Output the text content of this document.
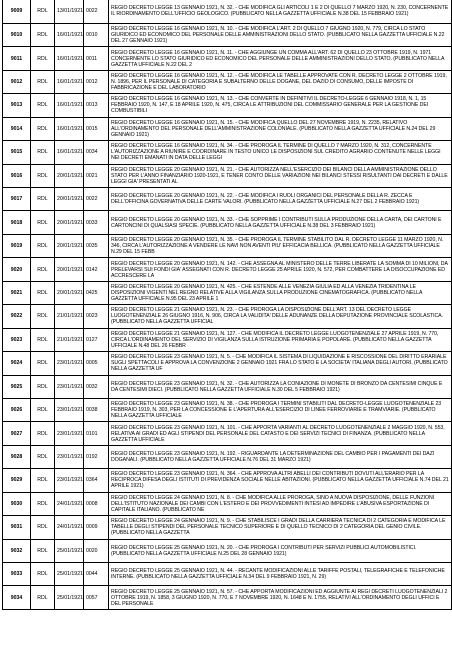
9009	RDL	13/01/1921	0022	REGIO DECRETO LEGGE 13 GENNAIO 1921, N. 32. - CHE MODIFICA GLI ARTICOLI 1 E 2 DI QUELLO 7 MARZO 1920, N. 230, CONCERNENTE IL RIORDINAMENTO DELL'UFFICIO GEOLOGICO. (PUBBLICATO NELLA GAZZETTA UFFICIALE N.38 DEL 15 FEBBRAIO 1921)
9010	RDL	16/01/1921	0010	REGIO DECRETO LEGGE 16 GENNAIO 1921, N. 10. - CHE MODIFICA L'ART. 2 DI QUELLO 7 GIUGNO 1920, N. 779, CIRCA LO STATO GIURIDICO ED ECONOMICO DEL PERSONALE DELLE AMMINISTRAZIONI DELLO STATO. (PUBBLICATO NELLA GAZZETTA UFFICIALE N.22 DEL 27 GENNAIO 1921)
9011	RDL	16/01/1921	0011	REGIO DECRETO LEGGE 16 GENNAIO 1921, N. 11. - CHE AGGIUNGE UN COMMA ALL'ART. 62 DI QUELLO 23 OTTOBRE 1919, N. 1971 CONCERNENTE LO STATO GIURIDICO ED ECONOMICO DEL PERSONALE DELLE AMMINISTRAZIONI DELLO STATO. (PUBBLICATO NELLA GAZZETTA UFFICIALE N.22 DEL 2
9012	RDL	16/01/1921	0012	REGIO DECRETO LEGGE 16 GENNAIO 1921, N. 12. - CHE MODIFICA LE TABELLE APPROVATE CON R. DECRETO LEGGE 2 OTTOBRE 1919, N. 1896, PER IL PERSONALE DI CATEGORIA E SUBALTERNO DELLE DOGANE, DEL DAZIO DI CONSUMO, DELLE IMPOSTE DI FABBRICAZIONE E DEL LABORATORIO
9013	RDL	16/01/1921	0013	REGIO DECRETO LEGGE 16 GENNAIO 1921, N. 13. - CHE CONVERTE IN DEFINITIVI IL DECRETO-LEGGE 6 GENNAIO 1918, N. 1, 15 FEBBRAIO 1920, N. 147, E 18 APRILE 1920, N. 475, CIRCA LE ATTRIBUZIONI DEL COMMISSARIO GENERALE PER LA GESTIONE DEI COMBUSTIBILI
9014	RDL	16/01/1921	0015	REGIO DECRETO LEGGE 16 GENNAIO 1921, N. 15. - CHE MODIFICA QUELLO DEL 27 NOVEMBRE 1919, N. 2235, RELATIVO ALL'ORDINAMENTO DEL PERSONALE DELL'AMMINISTRAZIONE COLONIALE. (PUBBLICATO NELLA GAZZETTA UFFICIALE N.24 DEL 29 GENNAIO 1921)
9015	RDL	16/01/1921	0034	REGIO DECRETO LEGGE 16 GENNAIO 1921, N. 34. - CHE PROROGA IL TERMINE DI QUELLO 7 MARZO 1920, N. 312, CONCERNENTE L'AUTORIZZAZIONE A RIUNIRE E COORDINARE IN TESTO UNICO LE DISPOSIZIONI SUL CREDITO AGRARIO CONTENUTE NELLE LEGGI NEI DECRETI EMANATI IN DATA DELLE LEGGI
9016	RDL	20/01/1921	0021	REGIO DECRETO LEGGE 20 GENNAIO 1921, N. 21. - CHE AUTORIZZA NELL'ESERCIZIO DEI BILANCI DELLA AMMINISTRAZIONE DELLO STATO PER L'ANNO FINANZIARIO 1920-1921, E TENER CONTO DELLE VARIAZIONI NEI BILANCI STESSI RISULTANTI DAI DECRETI E DALLE LEGGI GIA' PRESENTATI AL
9017	RDL	20/01/1921	0022	REGIO DECRETO LEGGE 20 GENNAIO 1921, N. 22. - CHE MODIFICA I RUOLI ORGANICI DEL PERSONALE DELLA R. ZECCA E DELL'OFFICINA GOVERNATIVA DELLE CARTE VALORI. (PUBBLICATO NELLA GAZZETTA UFFICIALE N.27 DEL 2 FEBBRAIO 1921)
9018	RDL	20/01/1921	0033	REGIO DECRETO LEGGE 20 GENNAIO 1921, N. 33. - CHE SOPPRIME I CONTRIBUTI SULLA PRODUZIONE DELLA CARTA, DEI CARTONI E CARTONCINI DI QUALSIASI SPECIE. (PUBBLICATO NELLA GAZZETTA UFFICIALE N.38 DEL 3 FEBBRAIO 1921)
9019	RDL	20/01/1921	0035	REGIO DECRETO LEGGE 20 GENNAIO 1921, N. 35. - CHE PROROGA IL TERMINE STABILITO DAL R. DECRETO LEGGE 11 MARZO 1920, N. 346, CIRCA L'AUTORIZZAZIONE A VENDERE LE NAVI NON AVENTI PIU' EFFICACIA BELLICA. (PUBBLICATO NELLA GAZZETTA UFFICIALE N.29 DEL 15 FEBB
9020	RDL	20/01/1921	0142	REGIO DECRETO LEGGE 20 GENNAIO 1921, N. 142. - CHE ASSEGNA AL MINISTERO DELLE TERRE LIBERATE LA SOMMA DI 10 MILIONI, DA PRELEVARSI SUI FONDI GIA' ASSEGNATI CON R. DECRETO LEGGE 25 APRILE 1920, N. 572, PER COMBATTERE LA DISOCCUPAZIONE ED ACCRESCERE LA
9021	RDL	20/01/1921	0425	REGIO DECRETO LEGGE 20 GENNAIO 1921, N. 425. - CHE ESTENDE ALLE VENEZIA GIULIA ED ALLA VENEZIA TRIDENTINA LE DISPOSIZIONI VIGENTI NEL REGNO RELATIVE ALLA VIGILANZA SULLA PRODUZIONE CINEMATOGRAFICA. (PUBBLICATO NELLA GAZZETTA UFFICIALE N.95 DEL 23 APRILE 1
9022	RDL	21/01/1921	0023	REGIO DECRETO LEGGE 21 GENNAIO 1921, N. 23. - CHE PROROGA LA DISPOSIZIONE DELL'ART. 13 DEL DECRETO LEGGE LUOGOTENENZIALE 26 GIUGNO 1916, N. 906, CIRCA LA VALIDITA' DELLE ADUNANZE DELLA DEPUTAZIONE PROVINCIALE SCOLASTICA. (PUBBLICATO NELLA GAZZETTA UFFICIAL
9023	RDL	21/01/1921	0127	REGIO DECRETO LEGGE 21 GENNAIO 1921, N. 127. - CHE MODIFICA IL DECRETO LEGGE LUOGOTENENZIALE 27 APRILE 1919, N. 770, CIRCA L'ORDINAMENTO DEL SERVIZIO DI VIGILANZA SULLA ISTRUZIONE PRIMARIA E POPOLARE. (PUBBLICATO NELLA GAZZETTA UFFICIALE N.48 DEL 26 FEBBR
9024	RDL	23/01/1921	0005	REGIO DECRETO LEGGE 23 GENNAIO 1921, N. 5. - CHE MODIFICA IL SISTEMA DI LIQUIDAZIONE E RISCOSSIONE DEL DIRITTO ERARIALE SUGLI SPETTACOLI E APPROVA LA CONVENZIONE 2 GENNAIO 1921 FRA LO STATO E LA SOCIETA' ITALIANA DEGLI AUTORI. (PUBBLICATO NELLA GAZZETTA UF
9025	RDL	23/01/1921	0032	REGIO DECRETO LEGGE 23 GENNAIO 1921, N. 32. - CHE AUTORIZZA LA CONIAZIONE DI MONETE DI BRONZO DA CENTESIMI CINQUE E DA CENTESIMI DIECI. (PUBBLICATO NELLA GAZZETTA UFFICIALE N.30 DEL 5 FEBBRAIO 1921)
9026	RDL	23/01/1921	0038	REGIO DECRETO LEGGE 23 GENNAIO 1921, N. 38. - CHE PROROGA I TERMINI STABILITI DAL DECRETO-LEGGE LUOGOTENENZIALE 23 FEBBRAIO 1919, N. 303, PER LA CONCESSIONE E L'APERTURA ALL'ESERCIZIO DI LINEE FERROVIARIE E TRAMVIARIE. (PUBBLICATO NELLA GAZZETTA UFFICIALE
9027	RDL	23/01/1921	0101	REGIO DECRETO LEGGE 23 GENNAIO 1921, N. 101. - CHE APPORTA VARIANTI AL DECRETO LUOGOTENENZIALE 2 MAGGIO 1920, N. 553, RELATIVA AI GRADI ED AGLI STIPENDI DEL PERSONALE DEL CATASTO E DEI SERVIZI TECNICI DI FINANZA. (PUBBLICATO NELLA GAZZETTA UFFICIALE
9028	RDL	23/01/1921	0192	REGIO DECRETO LEGGE 23 GENNAIO 1921, N. 192. - RIGUARDANTE LA DETERMINAZIONE DEL CAMBIO PER I PAGAMENTI DEI DAZI DOGANALI. (PUBBLICATO NELLA GAZZETTA UFFICIALE N.76 DEL 31 MARZO 1921)
9029	RDL	23/01/1921	0364	REGIO DECRETO LEGGE 23 GENNAIO 1921, N. 364. - CHE APPROVA ALTRI ABELLI DEI CONTRIBUTI DOVUTI ALL'ERARIO PER LA RECIPROCA DIFESA DEGLI ISTITUTI DI PREVIDENZA SOCIALE NELLE ABITAZIONI. (PUBBLICATO NELLA GAZZETTA UFFICIALE N.74 DEL 21 APRILE 1921)
9030	RDL	24/01/1921	0008	REGIO DECRETO LEGGE 24 GENNAIO 1921, N. 8. - CHE MODIFICA ALLE PROROGA, SINO A NUOVA DISPOSIZIONE, DELLE FUNZIONI DELL'ISTITUTO NAZIONALE DEI CAMBI CON L'ESTERO E DEI PROVVEDIMENTI INTESI AD IMPEDIRE L'ABUSIVA ESPORTAZIONE DI CAPITALE ITALIANO. (PUBBLICATO NE
9031	RDL	24/01/1921	0009	REGIO DECRETO LEGGE 24 GENNAIO 1921, N. 9. - CHE STABILISCE I GRADI DELLA CARRIERA TECNICA DI 2 CATEGORIA E MODIFICA LE TABELLE DEGLI STIPENDI DEL PERSONALE TECNICO SUPERIORE E DI QUELLO TECNICO DI 2 CATEGORIA DEL GENIO CIVILE. (PUBBLICATO NELLA GAZZETTA
9032	RDL	25/01/1921	0020	REGIO DECRETO LEGGE 25 GENNAIO 1921, N. 20. - CHE PROROGA I CONTRIBUTI PER SERVIZI PUBBLICI AUTOMOBILISTICI. (PUBBLICATO NELLA GAZZETTA UFFICIALE N.25 DEL 28 GENNAIO 1921)
9033	RDL	25/01/1921	0044	REGIO DECRETO LEGGE 25 GENNAIO 1921, N. 44. - RECANTE MODIFICAZIONI ALLE TARIFFE POSTALI, TELEGRAFICHE E TELEFONICHE INTERNE. (PUBBLICATO NELLA GAZZETTA UFFICIALE N.34 DEL 9 FEBBRAIO 1921, N. 29)
9034	RDL	25/01/1921	0057	REGIO DECRETO LEGGE 25 GENNAIO 1921, N. 57. - CHE APPORTA MODIFICAZIONI ED AGGIUNTE AI REGI DECRETI LUOGOTENENZIALI 2 OTTOBRE 1919, N. 1858, 3 GIUGNO 1920, N. 770, E 7 NOVEMBRE 1920, N. 1648 E N. 1755, RELATIVI ALL'ORDINAMENTO DEGLI UFFICI E DEL PERSONALE
